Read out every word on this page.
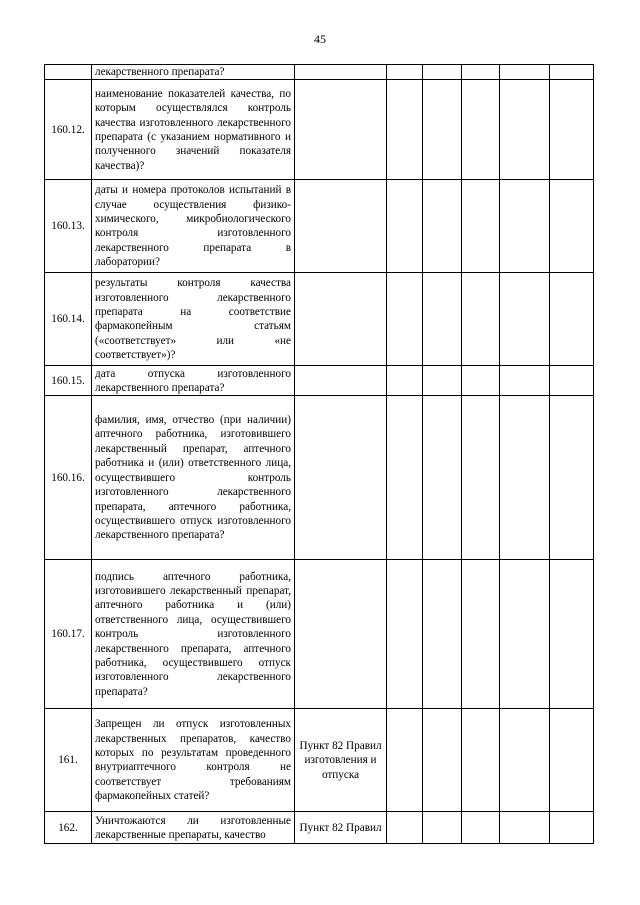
45
	лекарственного препарата?						
160.12.	наименование показателей качества, по которым осуществлялся контроль качества изготовленного лекарственного препарата (с указанием нормативного и полученного значений показателя качества)?						
160.13.	даты и номера протоколов испытаний в случае осуществления физико-химического, микробиологического контроля изготовленного лекарственного препарата в лаборатории?						
160.14.	результаты контроля качества изготовленного лекарственного препарата на соответствие фармакопейным статьям («соответствует» или «не соответствует»)?						
160.15.	дата отпуска изготовленного лекарственного препарата?						
160.16.	фамилия, имя, отчество (при наличии) аптечного работника, изготовившего лекарственный препарат, аптечного работника и (или) ответственного лица, осуществившего контроль изготовленного лекарственного препарата, аптечного работника, осуществившего отпуск изготовленного лекарственного препарата?						
160.17.	подпись аптечного работника, изготовившего лекарственный препарат, аптечного работника и (или) ответственного лица, осуществившего контроль изготовленного лекарственного препарата, аптечного работника, осуществившего отпуск изготовленного лекарственного препарата?						
161.	Запрещен ли отпуск изготовленных лекарственных препаратов, качество которых по результатам проведенного внутриаптечного контроля не соответствует требованиям фармакопейных статей?	Пункт 82 Правил изготовления и отпуска					
162.	Уничтожаются ли изготовленные лекарственные препараты, качество	Пункт 82 Правил					
